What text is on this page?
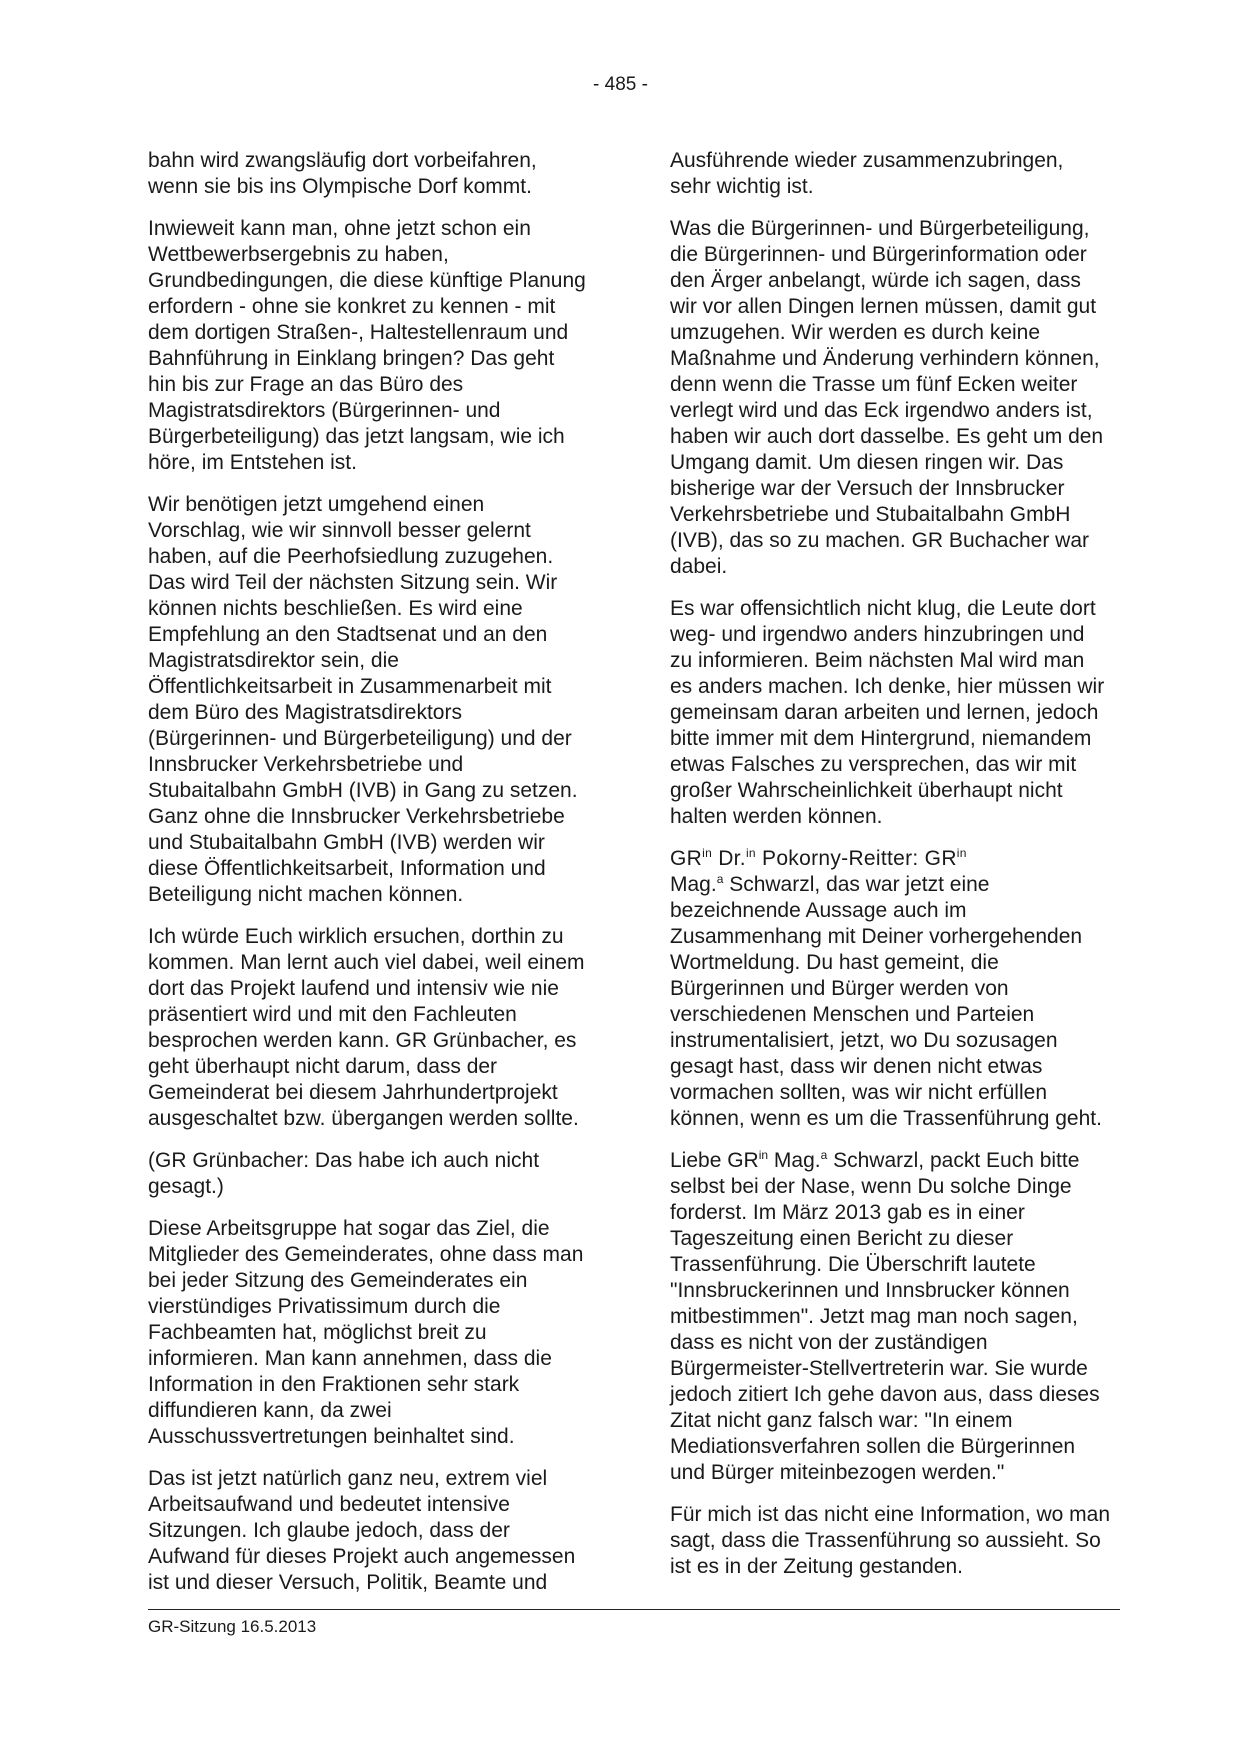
- 485 -

bahn wird zwangsläufig dort vorbeifahren, wenn sie bis ins Olympische Dorf kommt.

Inwieweit kann man, ohne jetzt schon ein Wettbewerbsergebnis zu haben, Grundbedingungen, die diese künftige Planung erfordern - ohne sie konkret zu kennen - mit dem dortigen Straßen-, Haltestellenraum und Bahnführung in Einklang bringen? Das geht hin bis zur Frage an das Büro des Magistratsdirektors (Bürgerinnen- und Bürgerbeteiligung) das jetzt langsam, wie ich höre, im Entstehen ist.

Wir benötigen jetzt umgehend einen Vorschlag, wie wir sinnvoll besser gelernt haben, auf die Peerhofsiedlung zuzugehen. Das wird Teil der nächsten Sitzung sein. Wir können nichts beschließen. Es wird eine Empfehlung an den Stadtsenat und an den Magistratsdirektor sein, die Öffentlichkeitsarbeit in Zusammenarbeit mit dem Büro des Magistratsdirektors (Bürgerinnen- und Bürgerbeteiligung) und der Innsbrucker Verkehrsbetriebe und Stubaitalbahn GmbH (IVB) in Gang zu setzen. Ganz ohne die Innsbrucker Verkehrsbetriebe und Stubaitalbahn GmbH (IVB) werden wir diese Öffentlichkeitsarbeit, Information und Beteiligung nicht machen können.

Ich würde Euch wirklich ersuchen, dorthin zu kommen. Man lernt auch viel dabei, weil einem dort das Projekt laufend und intensiv wie nie präsentiert wird und mit den Fachleuten besprochen werden kann. GR Grünbacher, es geht überhaupt nicht darum, dass der Gemeinderat bei diesem Jahrhundertprojekt ausgeschaltet bzw. übergangen werden sollte.

(GR Grünbacher: Das habe ich auch nicht gesagt.)

Diese Arbeitsgruppe hat sogar das Ziel, die Mitglieder des Gemeinderates, ohne dass man bei jeder Sitzung des Gemeinderates ein vierstündiges Privatissimum durch die Fachbeamten hat, möglichst breit zu informieren. Man kann annehmen, dass die Information in den Fraktionen sehr stark diffundieren kann, da zwei Ausschussvertretungen beinhaltet sind.

Das ist jetzt natürlich ganz neu, extrem viel Arbeitsaufwand und bedeutet intensive Sitzungen. Ich glaube jedoch, dass der Aufwand für dieses Projekt auch angemessen ist und dieser Versuch, Politik, Beamte und

Ausführende wieder zusammenzubringen, sehr wichtig ist.

Was die Bürgerinnen- und Bürgerbeteiligung, die Bürgerinnen- und Bürgerinformation oder den Ärger anbelangt, würde ich sagen, dass wir vor allen Dingen lernen müssen, damit gut umzugehen. Wir werden es durch keine Maßnahme und Änderung verhindern können, denn wenn die Trasse um fünf Ecken weiter verlegt wird und das Eck irgendwo anders ist, haben wir auch dort dasselbe. Es geht um den Umgang damit. Um diesen ringen wir. Das bisherige war der Versuch der Innsbrucker Verkehrsbetriebe und Stubaitalbahn GmbH (IVB), das so zu machen. GR Buchacher war dabei.

Es war offensichtlich nicht klug, die Leute dort weg- und irgendwo anders hinzubringen und zu informieren. Beim nächsten Mal wird man es anders machen. Ich denke, hier müssen wir gemeinsam daran arbeiten und lernen, jedoch bitte immer mit dem Hintergrund, niemandem etwas Falsches zu versprechen, das wir mit großer Wahrscheinlichkeit überhaupt nicht halten werden können.

$GR^{in}$ Dr.$^{in}$ Pokorny-Reitter: $GR^{in}$
Mag.$^a$ Schwarzl, das war jetzt eine bezeichnende Aussage auch im Zusammenhang mit Deiner vorhergehenden Wortmeldung. Du hast gemeint, die Bürgerinnen und Bürger werden von verschiedenen Menschen und Parteien instrumentalisiert, jetzt, wo Du sozusagen gesagt hast, dass wir denen nicht etwas vormachen sollten, was wir nicht erfüllen können, wenn es um die Trassenführung geht.

Liebe $GR^{in}$ Mag.$^a$ Schwarzl, packt Euch bitte selbst bei der Nase, wenn Du solche Dinge forderst. Im März 2013 gab es in einer Tageszeitung einen Bericht zu dieser Trassenführung. Die Überschrift lautete "Innsbruckerinnen und Innsbrucker können mitbestimmen". Jetzt mag man noch sagen, dass es nicht von der zuständigen Bürgermeister-Stellvertreterin war. Sie wurde jedoch zitiert Ich gehe davon aus, dass dieses Zitat nicht ganz falsch war: "In einem Mediationsverfahren sollen die Bürgerinnen und Bürger miteinbezogen werden."

Für mich ist das nicht eine Information, wo man sagt, dass die Trassenführung so aussieht. So ist es in der Zeitung gestanden.

GR-Sitzung 16.5.2013
